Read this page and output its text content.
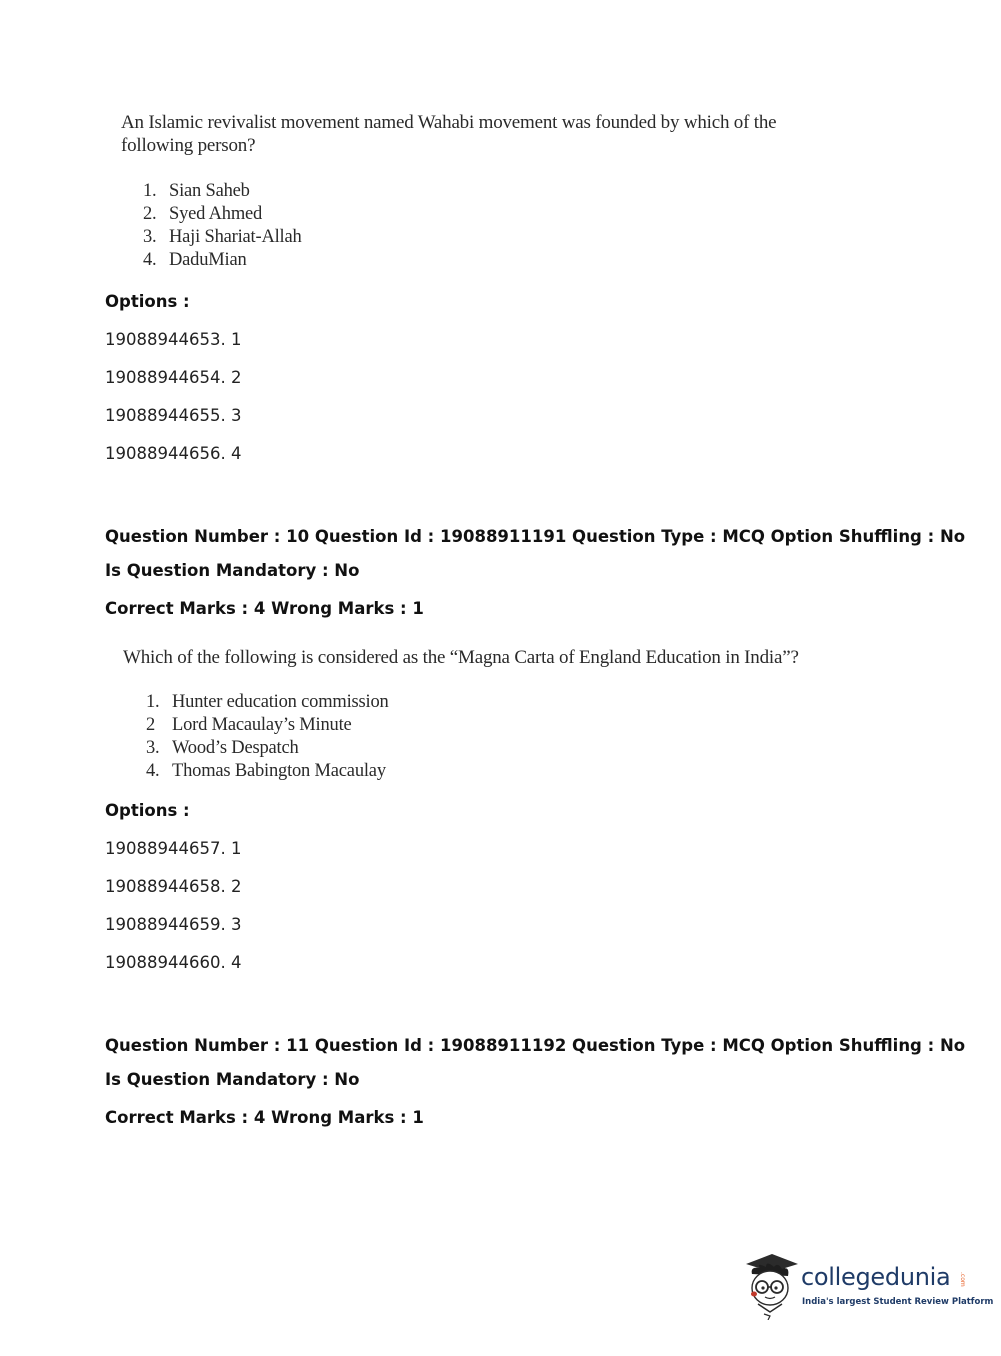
An Islamic revivalist movement named Wahabi movement was founded by which of the
following person?
1. Sian Saheb
2. Syed Ahmed
3. Haji Shariat-Allah
4. DaduMian
Options :
19088944653. 1
19088944654. 2
19088944655. 3
19088944656. 4
Question Number : 10 Question Id : 19088911191 Question Type : MCQ Option Shuffling : No
Is Question Mandatory : No
Correct Marks : 4 Wrong Marks : 1
Which of the following is considered as the “Magna Carta of England Education in India”?
1. Hunter education commission
2 Lord Macaulay’s Minute
3. Wood’s Despatch
4. Thomas Babington Macaulay
Options :
19088944657. 1
19088944658. 2
19088944659. 3
19088944660. 4
Question Number : 11 Question Id : 19088911192 Question Type : MCQ Option Shuffling : No
Is Question Mandatory : No
Correct Marks : 4 Wrong Marks : 1
collegedunia .com
India's largest Student Review Platform
